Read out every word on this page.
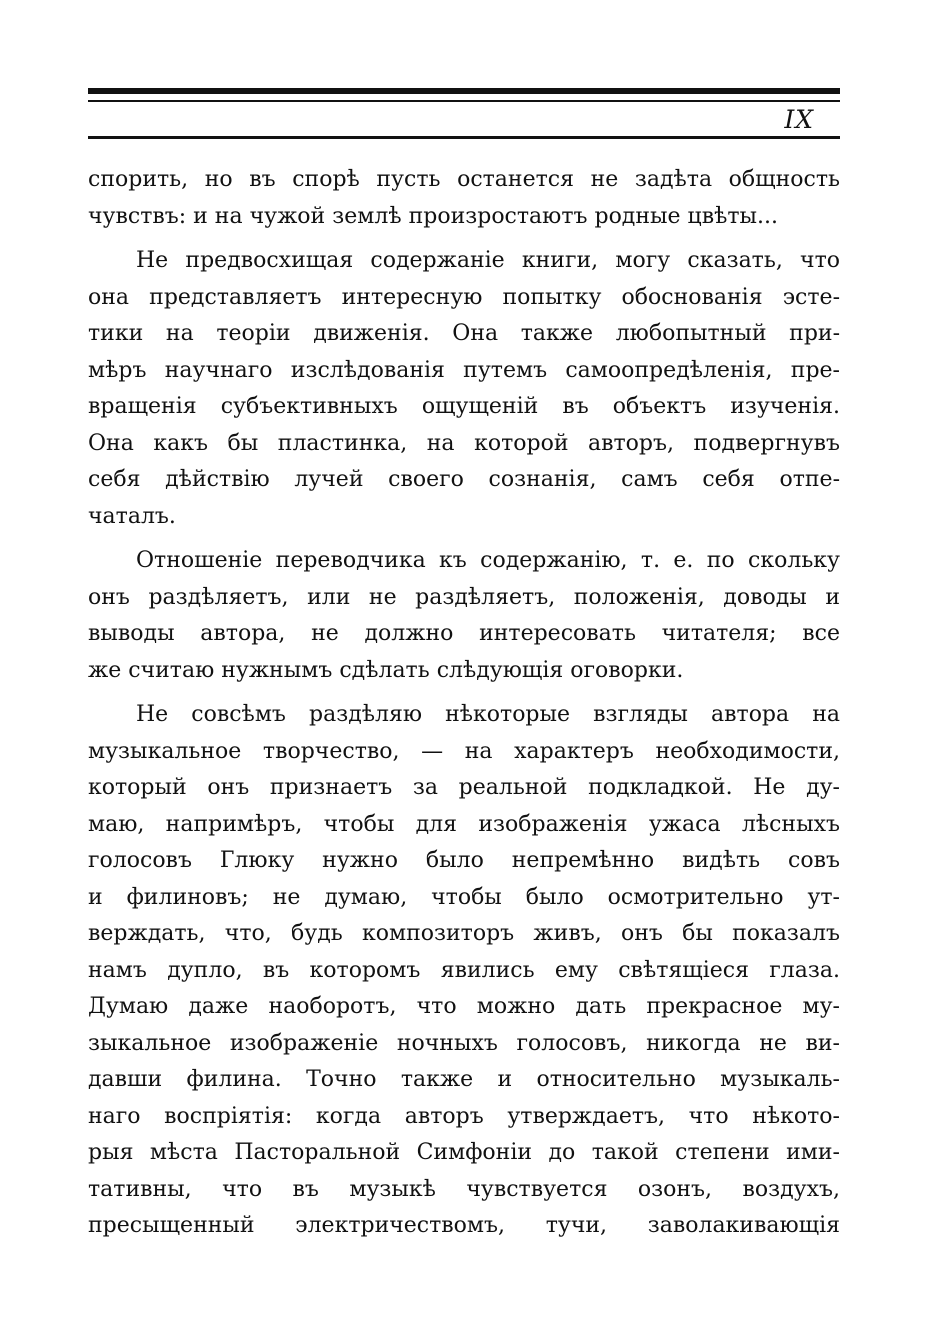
IX
спорить, но въ спорѣ пусть останется не задѣта общность
чувствъ: и на чужой землѣ произростаютъ родные цвѣты...
Не предвосхищая содержаніе книги, могу сказать, что
она представляетъ интересную попытку обоснованія эсте-
тики на теоріи движенія. Она также любопытный при-
мѣръ научнаго изслѣдованія путемъ самоопредѣленія, пре-
вращенія субъективныхъ ощущеній въ объектъ изученія.
Она какъ бы пластинка, на которой авторъ, подвергнувъ
себя дѣйствію лучей своего сознанія, самъ себя отпе-
чаталъ.
Отношеніе переводчика къ содержанію, т. е. по скольку
онъ раздѣляетъ, или не раздѣляетъ, положенія, доводы и
выводы автора, не должно интересовать читателя; все
же считаю нужнымъ сдѣлать слѣдующія оговорки.
Не совсѣмъ раздѣляю нѣкоторые взгляды автора на
музыкальное творчество, — на характеръ необходимости,
который онъ признаетъ за реальной подкладкой. Не ду-
маю, напримѣръ, чтобы для изображенія ужаса лѣсныхъ
голосовъ Глюку нужно было непремѣнно видѣть совъ
и филиновъ; не думаю, чтобы было осмотрительно ут-
верждать, что, будь композиторъ живъ, онъ бы показалъ
намъ дупло, въ которомъ явились ему свѣтящіеся глаза.
Думаю даже наоборотъ, что можно дать прекрасное му-
зыкальное изображеніе ночныхъ голосовъ, никогда не ви-
давши филина. Точно также и относительно музыкаль-
наго воспріятія: когда авторъ утверждаетъ, что нѣкото-
рыя мѣста Пасторальной Симфоніи до такой степени ими-
тативны, что въ музыкѣ чувствуется озонъ, воздухъ,
пресыщенный электричествомъ, тучи, заволакивающія
